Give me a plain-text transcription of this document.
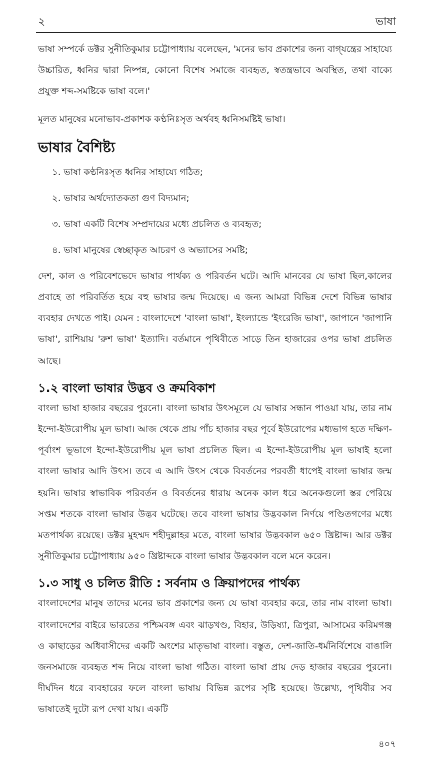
২	ভাষা

ভাষা সম্পর্কে ডক্টর সুনীতিকুমার চট্টোপাধ্যায় বলেছেন, 'মনের ভাব প্রকাশের জন্য বাগ্‌যন্ত্রের সাহায্যে উচ্চারিত, ধ্বনির দ্বারা নিষ্পন্ন, কোনো বিশেষ সমাজে ব্যবহৃত, স্বতন্ত্রভাবে অবস্থিত, তথা বাক্যে প্রযুক্ত শব্দ-সমষ্টিকে ভাষা বলে।'

মূলত মানুষের মনোভাব-প্রকাশক কণ্ঠনিঃসৃত অর্থবহ ধ্বনিসমষ্টিই ভাষা।

ভাষার বৈশিষ্ট্য
১. ভাষা কণ্ঠনিঃসৃত ধ্বনির সাহায্যে গঠিত;
২. ভাষার অর্থদ্যোতকতা গুণ বিদ্যমান;
৩. ভাষা একটি বিশেষ সম্প্রদায়ের মধ্যে প্রচলিত ও ব্যবহৃত;
৪. ভাষা মানুষের স্বেচ্ছাকৃত আচরণ ও অভ্যাসের সমষ্টি;

দেশ, কাল ও পরিবেশভেদে ভাষার পার্থক্য ও পরিবর্তন ঘটে। আদি মানবের যে ভাষা ছিল,কালের প্রবাহে তা পরিবর্তিত হয়ে বহু ভাষার জন্ম দিয়েছে। এ জন্য আমরা বিভিন্ন দেশে বিভিন্ন ভাষার ব্যবহার দেখতে পাই। যেমন : বাংলাদেশে 'বাংলা ভাষা', ইংল্যান্ডে 'ইংরেজি ভাষা', জাপানে 'জাপানি ভাষা', রাশিয়ায় 'রুশ ভাষা' ইত্যাদি। বর্তমানে পৃথিবীতে সাড়ে তিন হাজারের ওপর ভাষা প্রচলিত আছে।

১.২ বাংলা ভাষার উদ্ভব ও ক্রমবিকাশ

বাংলা ভাষা হাজার বছরের পুরনো। বাংলা ভাষার উৎসমূলে যে ভাষার সন্ধান পাওয়া যায়, তার নাম ইন্দো-ইউরোপীয় মূল ভাষা। আজ থেকে প্রায় পাঁচ হাজার বছর পূর্বে ইউরোপের মধ্যভাগ হতে দক্ষিণ-পূর্বাংশ ভূভাগে ইন্দো-ইউরোপীয় মূল ভাষা প্রচলিত ছিল। এ ইন্দো-ইউরোপীয় মূল ভাষাই হলো বাংলা ভাষার আদি উৎস। তবে এ আদি উৎস থেকে বিবর্তনের পরবর্তী ধাপেই বাংলা ভাষার জন্ম হয়নি। ভাষার স্বাভাবিক পরিবর্তন ও বিবর্তনের ধারায় অনেক কাল ধরে অনেকগুলো স্তর পেরিয়ে সপ্তম শতকে বাংলা ভাষার উদ্ভব ঘটেছে। তবে বাংলা ভাষার উদ্ভবকাল নির্ণয়ে পণ্ডিতগণের মধ্যে মতপার্থক্য রয়েছে। ডক্টর মুহম্মদ শহীদুল্লাহর মতে, বাংলা ভাষার উদ্ভবকাল ৬৫০ খ্রিষ্টাব্দ। আর ডক্টর সুনীতিকুমার চট্টোপাধ্যায় ৯৫০ খ্রিষ্টাব্দকে বাংলা ভাষার উদ্ভবকাল বলে মনে করেন।

১.৩ সাধু ও চলিত রীতি : সর্বনাম ও ক্রিয়াপদের পার্থক্য

বাংলাদেশের মানুষ তাদের মনের ভাব প্রকাশের জন্য যে ভাষা ব্যবহার করে, তার নাম বাংলা ভাষা। বাংলাদেশের বাইরে ভারতের পশ্চিমবঙ্গ এবং ঝাড়খণ্ড, বিহার, উড়িষ্যা, ত্রিপুরা, আসামের করিমগঞ্জ ও কাছাড়ের অধিবাসীদের একটি অংশের মাতৃভাষা বাংলা। বস্তুত, দেশ-জাতি-ধর্মনির্বিশেষে বাঙালি জনসমাজে ব্যবহৃত শব্দ নিয়ে বাংলা ভাষা গঠিত। বাংলা ভাষা প্রায় দেড় হাজার বছরের পুরনো। দীর্ঘদিন ধরে ব্যবহারের ফলে বাংলা ভাষায় বিভিন্ন রূপের সৃষ্টি হয়েছে। উল্লেখ্য, পৃথিবীর সব ভাষাতেই দুটো রূপ দেখা যায়। একটি

৪০৭
